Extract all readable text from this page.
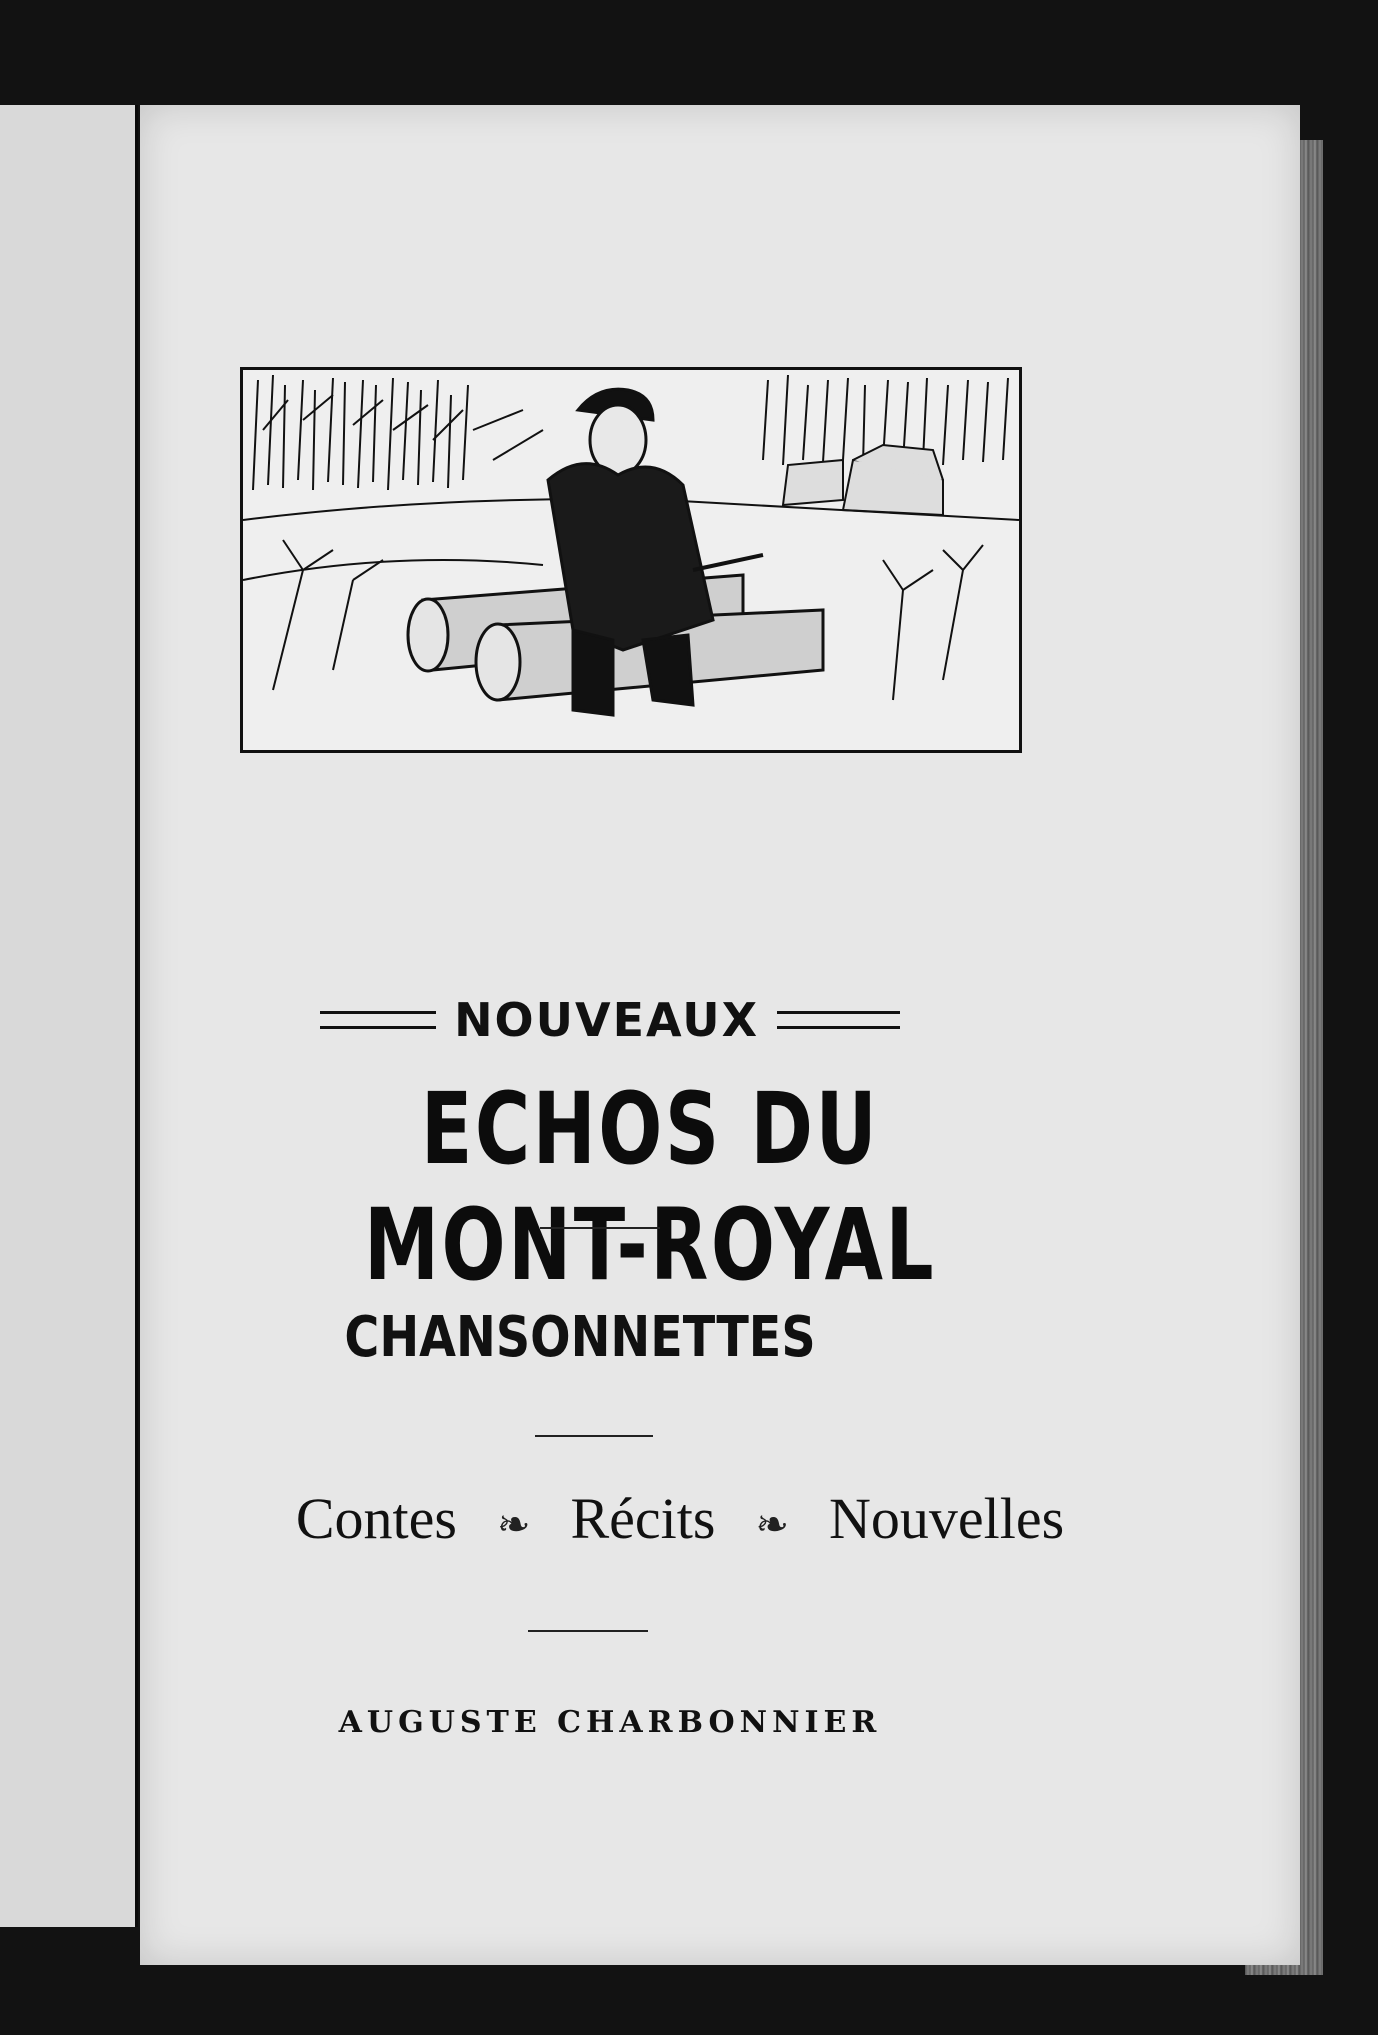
NOUVEAUX
ECHOS DU MONT-ROYAL
CHANSONNETTES
Contes ❧ Récits ❧ Nouvelles
AUGUSTE CHARBONNIER
